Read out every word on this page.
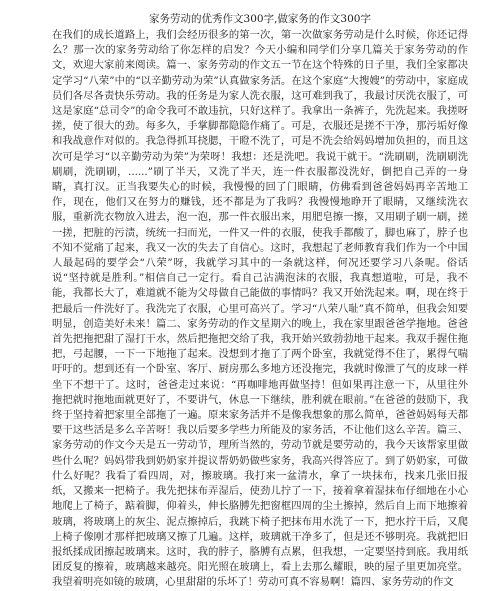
家务劳动的优秀作文300字,做家务的作文300字

在我们的成长道路上，我们会经历很多的第一次，第一次做家务劳动是什么时候，你还记得么？那一次的家务劳动给了你怎样的启发？今天小编和同学们分享几篇关于家务劳动的作文，欢迎大家前来阅读。篇一、家务劳动的作文五一节在这个特殊的日子里，我们全家都决定学习“八荣”中的“以辛勤劳动为荣”认真做家务活。在这个家庭“大搜嫂”的劳动中，家庭成员们各尽各责快乐劳动。我的任务是为家人洗衣服，这可难到我了，我最讨厌洗衣服了，可这是家庭“总司令”的命令我可不敢违抗，只好这样了。我拿出一条裤子，先洗起来。我搓呀搓，使了很大的劲。每多久，手掌脚都隐隐作痛了。可是，衣服还是搓不干净，那污垢好像和我战意作对似的。我急得抓耳挠腮，干瞪不洗了，可是不洗会给妈妈增加负担的，而且这次可是学习“以辛勤劳动为荣”为荣呀！我想：还是洗吧。我说干就干。“洗刷刷，洗刷刷洗刷刷，洗刷刷，......”刷了半天，又洗了半天，连一件衣服都没洗好，倒把自己弄的一身睛，真打汉。正当我要失心的时候，我慢慢的回了门眼睛，仿佛看到爸爸妈妈再辛苦地工作，现在，他们又在努力的赚钱，还不都是为了我吗？我慢慢地睁开了眼睛，又继续洗衣服，重新洗衣物放入进去，泡一泡，那一件衣服出来，用肥皂擦一擦，又用刷子刷一刷，搓一搓，把脏的污渍，统统一扫而光，一件又一件的衣服，使我手都酸了，脚也麻了，脖子也不知不觉痛了起来，我又一次的失去了自信心。这时，我想起了老师教育我们作为一个中国人最起码的要学会“八荣”呀，我就学习其中的一条就这样，何况还要学习八条呢。俗话说“坚持就是胜利。”相信自己一定行。看自己沾满泡沫的衣服，我真想道啦，可是，我不能，我都长大了，难道就不能为父母做自己能做的事情吗？我又开始洗起来。啊，现在终于把最后一件洗好了。我洗完了衣服，心里可高兴了。学习“八荣八耻”真不简单，但我会知要明显，创造美好未来！篇二、家务劳动的作文星期六的晚上，我在家里跟爸爸学拖地。爸爸首先把拖把甜了湿打干水，然后把拖把交给了我，我开始兴致勃勃地干起来。我双手握住拖把，弓起腰，一下一下地拖了起来。没想到才拖了了两个卧室，我就觉得不住了，累得气喘吁吁的。想到还有一个卧室、客厅、厨房那么多地方还没拖完，我就时像泄了气的皮球一样坐下不想干了。这时，爸爸走过来说：“再咖啡地再做坚持！但如果再注意一下，从里往外拖把就时拖地面就更好了，不要讲气，休息一下继续，胜利就在眼前。”在爸爸的鼓励下，我终于坚持着把家里全部拖了一遍。原来家务活并不是像我想象的那么简单，爸爸妈妈每天都要干这些活是多么辛苦呀！我以后要多学些力所能及的家务活，不让他们这么辛苦。篇三、家务劳动的作文今天是五一劳动节，理所当然的，劳动节就是要劳动的，我今天该帮家里做些什么呢？妈妈带我到奶奶家并提议帮奶奶做些家务，我高兴得答应了。到了奶奶家，可做什么好呢？我看了看四周，对，擦玻璃。我打来一盆清水，拿了一块抹布，找来几张旧报纸，又搬来一把椅子。我先把抹布弄湿后，使劲儿拧了一下，接着拿着湿抹布仔细地在小心地爬上了椅子，踮着脚，仰着头，伸长胳膊先把窗框四周的尘土擦掉，然后自上而下地擦着玻璃，将玻璃上的灰尘、泥点擦掉后，我跳下椅子把抹布用水洗了一下，把水拧干后，又爬上椅子像刚才那样把玻璃又擦了几遍。这样，玻璃就干净多了，但是还不够明亮。我就把旧报纸揉成团擦起玻璃来。这时，我的脖子，胳膊有点累，但我想，一定要坚持到底。我用纸团反复的擦着，玻璃越来越亮。阳光照在玻璃上，看上去那么耀眼，映的屋子里更加亮堂。我望着明亮如镜的玻璃，心里甜甜的乐坏了！劳动可真不容易啊！篇四、家务劳动的作文
